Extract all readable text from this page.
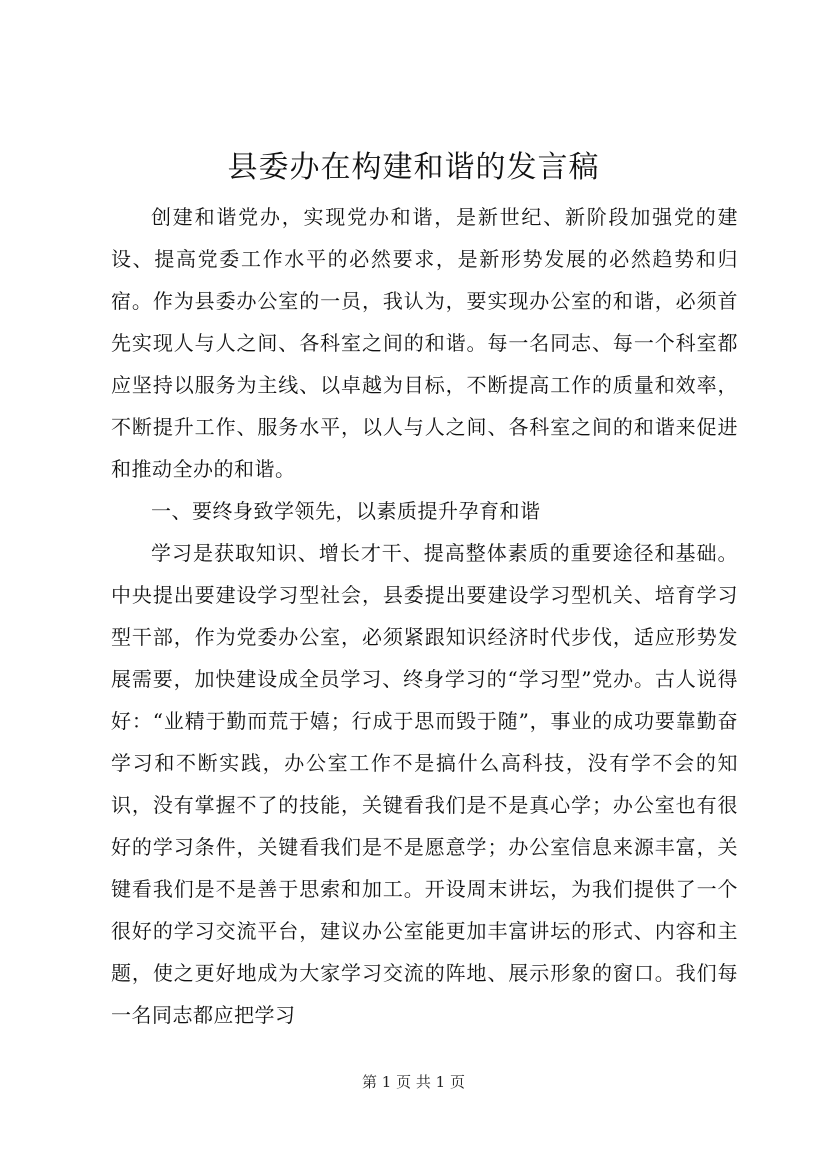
县委办在构建和谐的发言稿

创建和谐党办，实现党办和谐，是新世纪、新阶段加强党的建设、提高党委工作水平的必然要求，是新形势发展的必然趋势和归宿。作为县委办公室的一员，我认为，要实现办公室的和谐，必须首先实现人与人之间、各科室之间的和谐。每一名同志、每一个科室都应坚持以服务为主线、以卓越为目标，不断提高工作的质量和效率，不断提升工作、服务水平，以人与人之间、各科室之间的和谐来促进和推动全办的和谐。

一、要终身致学领先，以素质提升孕育和谐

学习是获取知识、增长才干、提高整体素质的重要途径和基础。中央提出要建设学习型社会，县委提出要建设学习型机关、培育学习型干部，作为党委办公室，必须紧跟知识经济时代步伐，适应形势发展需要，加快建设成全员学习、终身学习的“学习型”党办。古人说得好：“业精于勤而荒于嬉；行成于思而毁于随”，事业的成功要靠勤奋学习和不断实践，办公室工作不是搞什么高科技，没有学不会的知识，没有掌握不了的技能，关键看我们是不是真心学；办公室也有很好的学习条件，关键看我们是不是愿意学；办公室信息来源丰富，关键看我们是不是善于思索和加工。开设周末讲坛，为我们提供了一个很好的学习交流平台，建议办公室能更加丰富讲坛的形式、内容和主题，使之更好地成为大家学习交流的阵地、展示形象的窗口。我们每一名同志都应把学习

第 1 页 共 1 页
